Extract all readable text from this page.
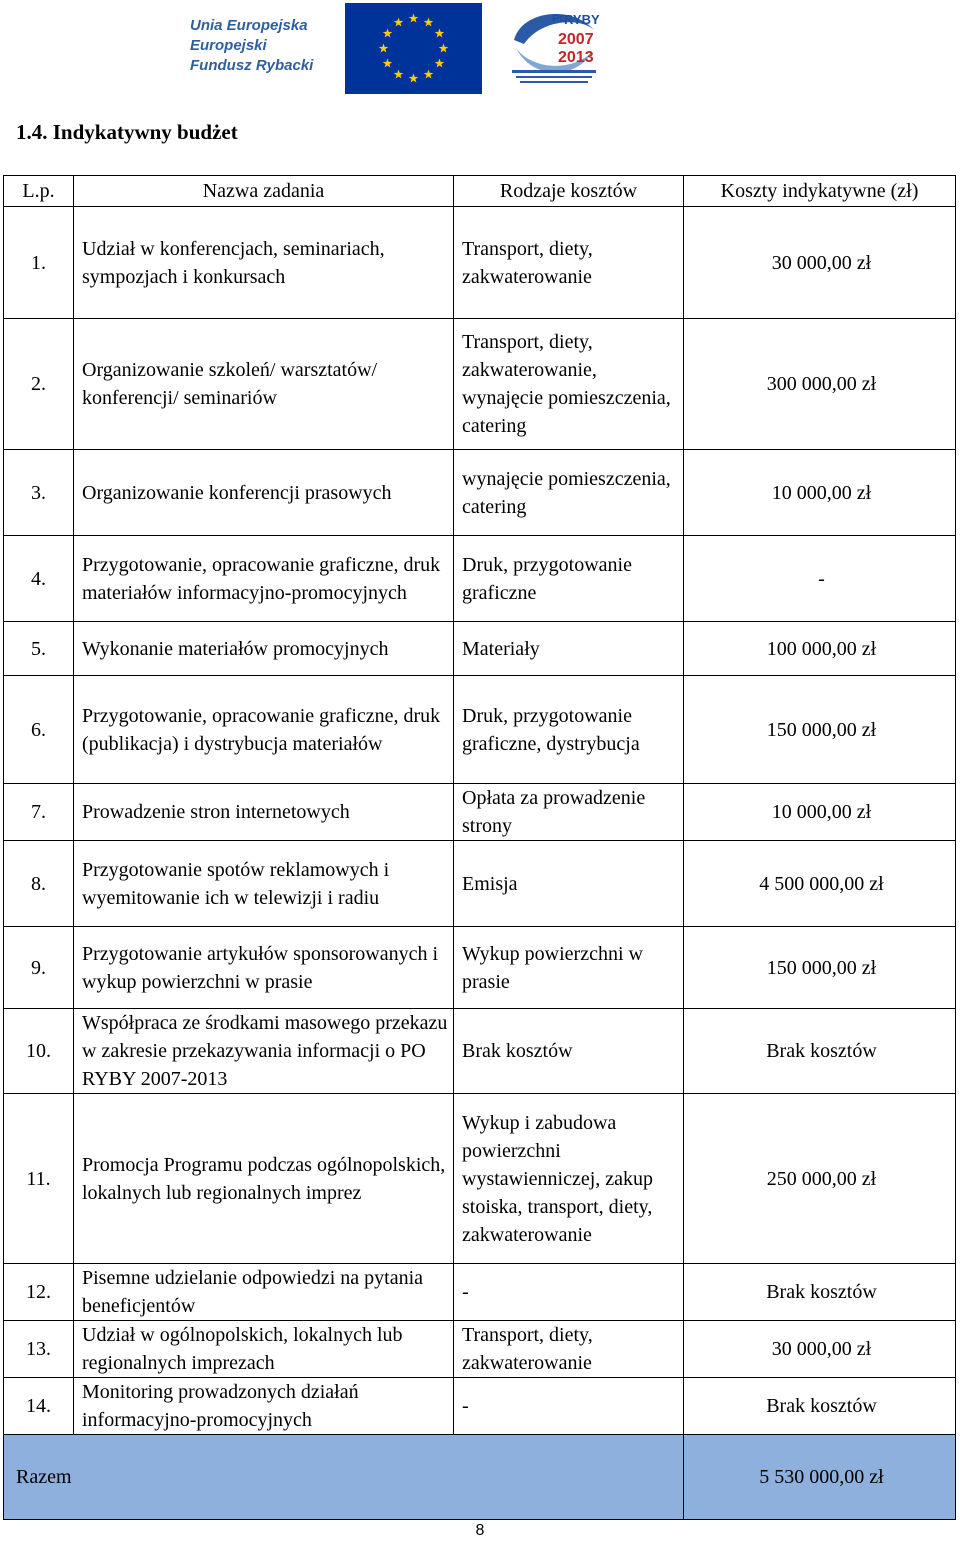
Unia Europejska
Europejski
Fundusz Rybacki
PO
RYBY
2007
2013
1.4. Indykatywny budżet
L.p.	Nazwa zadania	Rodzaje kosztów	Koszty indykatywne (zł)
1.	Udział w konferencjach, seminariach, sympozjach i konkursach	Transport, diety, zakwaterowanie	30 000,00 zł
2.	Organizowanie szkoleń/ warsztatów/ konferencji/ seminariów	Transport, diety, zakwaterowanie, wynajęcie pomieszczenia, catering	300 000,00 zł
3.	Organizowanie konferencji prasowych	wynajęcie pomieszczenia, catering	10 000,00 zł
4.	Przygotowanie, opracowanie graficzne, druk materiałów informacyjno-promocyjnych	Druk, przygotowanie graficzne	-
5.	Wykonanie materiałów promocyjnych	Materiały	100 000,00 zł
6.	Przygotowanie, opracowanie graficzne, druk (publikacja) i dystrybucja materiałów	Druk, przygotowanie graficzne, dystrybucja	150 000,00 zł
7.	Prowadzenie stron internetowych	Opłata za prowadzenie strony	10 000,00 zł
8.	Przygotowanie spotów reklamowych i wyemitowanie ich w telewizji i radiu	Emisja	4 500 000,00 zł
9.	Przygotowanie artykułów sponsorowanych i wykup powierzchni w prasie	Wykup powierzchni w prasie	150 000,00 zł
10.	Współpraca ze środkami masowego przekazu w zakresie przekazywania informacji o PO RYBY 2007-2013	Brak kosztów	Brak kosztów
11.	Promocja Programu podczas ogólnopolskich, lokalnych lub regionalnych imprez	Wykup i zabudowa powierzchni wystawienniczej, zakup stoiska, transport, diety, zakwaterowanie	250 000,00 zł
12.	Pisemne udzielanie odpowiedzi na pytania beneficjentów	-	Brak kosztów
13.	Udział w ogólnopolskich, lokalnych lub regionalnych imprezach	Transport, diety, zakwaterowanie	30 000,00 zł
14.	Monitoring prowadzonych działań informacyjno-promocyjnych	-	Brak kosztów
Razem			5 530 000,00 zł
8
